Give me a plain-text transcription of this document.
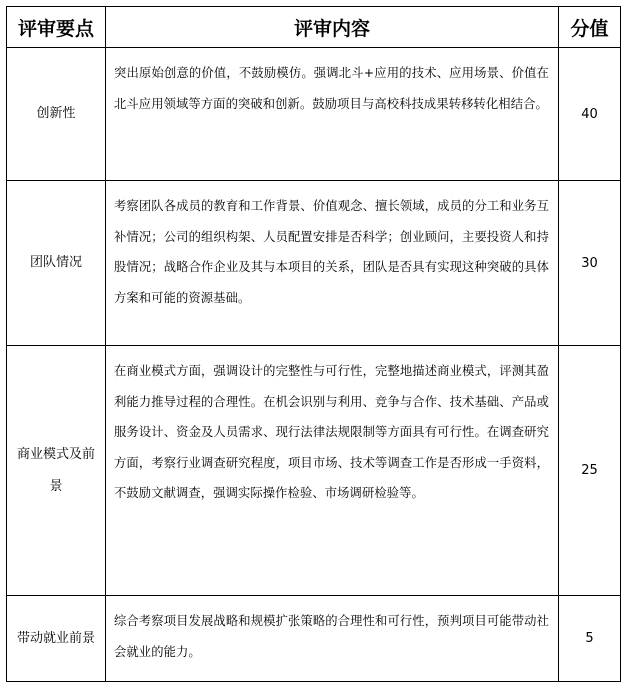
评审要点	评审内容	分值
创新性	突出原始创意的价值，不鼓励模仿。强调北斗+应用的技术、应用场景、价值在北斗应用领域等方面的突破和创新。鼓励项目与高校科技成果转移转化相结合。	40
团队情况	考察团队各成员的教育和工作背景、价值观念、擅长领域，成员的分工和业务互补情况；公司的组织构架、人员配置安排是否科学；创业顾问，主要投资人和持股情况；战略合作企业及其与本项目的关系，团队是否具有实现这种突破的具体方案和可能的资源基础。	30
商业模式及前景	在商业模式方面，强调设计的完整性与可行性，完整地描述商业模式，评测其盈利能力推导过程的合理性。在机会识别与利用、竞争与合作、技术基础、产品或服务设计、资金及人员需求、现行法律法规限制等方面具有可行性。在调查研究方面，考察行业调查研究程度，项目市场、技术等调查工作是否形成一手资料，不鼓励文献调查，强调实际操作检验、市场调研检验等。	25
带动就业前景	综合考察项目发展战略和规模扩张策略的合理性和可行性，预判项目可能带动社会就业的能力。	5
